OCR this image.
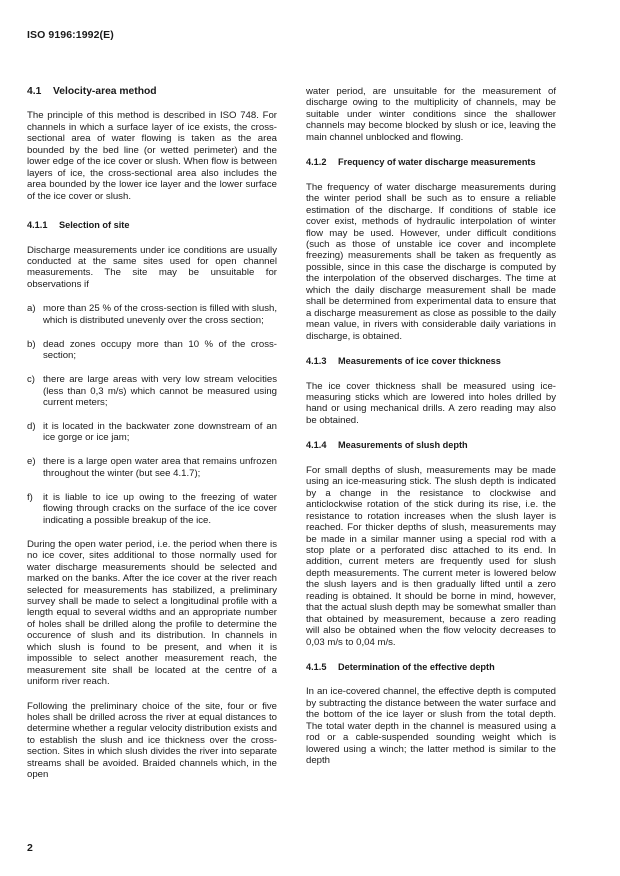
ISO 9196:1992(E)
4.1 Velocity-area method

The principle of this method is described in ISO 748. For channels in which a surface layer of ice exists, the cross-sectional area of water flowing is taken as the area bounded by the bed line (or wetted perimeter) and the lower edge of the ice cover or slush. When flow is between layers of ice, the cross-sectional area also includes the area bounded by the lower ice layer and the lower surface of the ice cover or slush.

4.1.1 Selection of site

Discharge measurements under ice conditions are usually conducted at the same sites used for open channel measurements. The site may be unsuitable for observations if

a) more than 25 % of the cross-section is filled with slush, which is distributed unevenly over the cross section;
b) dead zones occupy more than 10 % of the cross-section;
c) there are large areas with very low stream velocities (less than 0,3 m/s) which cannot be measured using current meters;
d) it is located in the backwater zone downstream of an ice gorge or ice jam;
e) there is a large open water area that remains unfrozen throughout the winter (but see 4.1.7);
f) it is liable to ice up owing to the freezing of water flowing through cracks on the surface of the ice cover indicating a possible breakup of the ice.

During the open water period, i.e. the period when there is no ice cover, sites additional to those normally used for water discharge measurements should be selected and marked on the banks. After the ice cover at the river reach selected for measurements has stabilized, a preliminary survey shall be made to select a longitudinal profile with a length equal to several widths and an appropriate number of holes shall be drilled along the profile to determine the occurence of slush and its distribution. In channels in which slush is found to be present, and when it is impossible to select another measurement reach, the measurement site shall be located at the centre of a uniform river reach.

Following the preliminary choice of the site, four or five holes shall be drilled across the river at equal distances to determine whether a regular velocity distribution exists and to establish the slush and ice thickness over the cross-section. Sites in which slush divides the river into separate streams shall be avoided. Braided channels which, in the open

water period, are unsuitable for the measurement of discharge owing to the multiplicity of channels, may be suitable under winter conditions since the shallower channels may become blocked by slush or ice, leaving the main channel unblocked and flowing.

4.1.2 Frequency of water discharge measurements

The frequency of water discharge measurements during the winter period shall be such as to ensure a reliable estimation of the discharge. If conditions of stable ice cover exist, methods of hydraulic interpolation of winter flow may be used. However, under difficult conditions (such as those of unstable ice cover and incomplete freezing) measurements shall be taken as frequently as possible, since in this case the discharge is computed by the interpolation of the observed discharges. The time at which the daily discharge measurement shall be made shall be determined from experimental data to ensure that a discharge measurement as close as possible to the daily mean value, in rivers with considerable daily variations in discharge, is obtained.

4.1.3 Measurements of ice cover thickness

The ice cover thickness shall be measured using ice-measuring sticks which are lowered into holes drilled by hand or using mechanical drills. A zero reading may also be obtained.

4.1.4 Measurements of slush depth

For small depths of slush, measurements may be made using an ice-measuring stick. The slush depth is indicated by a change in the resistance to clockwise and anticlockwise rotation of the stick during its rise, i.e. the resistance to rotation increases when the slush layer is reached. For thicker depths of slush, measurements may be made in a similar manner using a special rod with a stop plate or a perforated disc attached to its end. In addition, current meters are frequently used for slush depth measurements. The current meter is lowered below the slush layers and is then gradually lifted until a zero reading is obtained. It should be borne in mind, however, that the actual slush depth may be somewhat smaller than that obtained by measurement, because a zero reading will also be obtained when the flow velocity decreases to 0,03 m/s to 0,04 m/s.

4.1.5 Determination of the effective depth

In an ice-covered channel, the effective depth is computed by subtracting the distance between the water surface and the bottom of the ice layer or slush from the total depth. The total water depth in the channel is measured using a rod or a cable-suspended sounding weight which is lowered using a winch; the latter method is similar to the depth

2
